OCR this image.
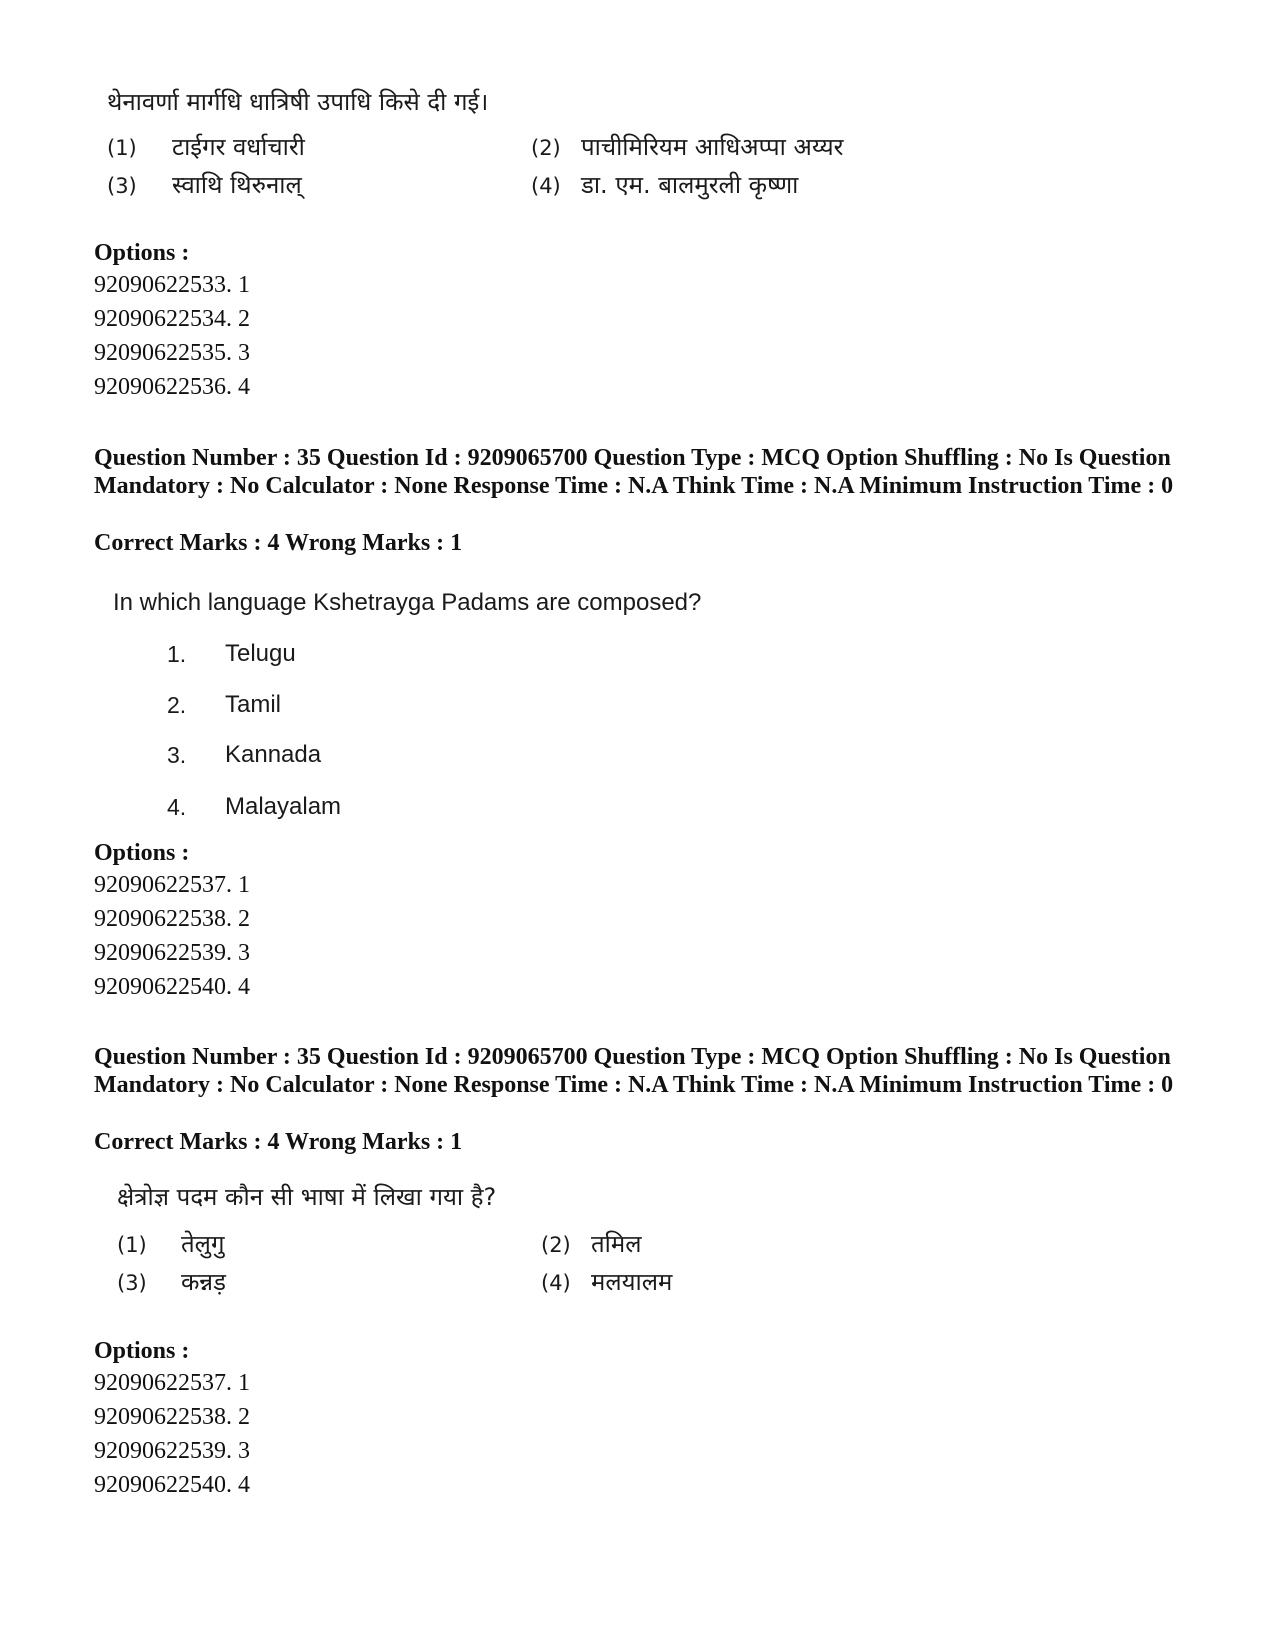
थेनावर्णा मार्गधि धात्रिषी उपाधि किसे दी गई।
(1) टाईगर वर्धाचारी	(2) पाचीमिरियम आधिअप्पा अय्यर
(3) स्वाथि थिरुनाल्	(4) डा. एम. बालमुरली कृष्णा
Options :
92090622533. 1
92090622534. 2
92090622535. 3
92090622536. 4
Question Number : 35 Question Id : 9209065700 Question Type : MCQ Option Shuffling : No Is Question Mandatory : No Calculator : None Response Time : N.A Think Time : N.A Minimum Instruction Time : 0
Correct Marks : 4 Wrong Marks : 1
In which language Kshetrayga Padams are composed?
1. Telugu
2. Tamil
3. Kannada
4. Malayalam
Options :
92090622537. 1
92090622538. 2
92090622539. 3
92090622540. 4
Question Number : 35 Question Id : 9209065700 Question Type : MCQ Option Shuffling : No Is Question Mandatory : No Calculator : None Response Time : N.A Think Time : N.A Minimum Instruction Time : 0
Correct Marks : 4 Wrong Marks : 1
क्षेत्रोज्ञ पदम कौन सी भाषा में लिखा गया है?
(1) तेलुगु	(2) तमिल
(3) कन्नड़	(4) मलयालम
Options :
92090622537. 1
92090622538. 2
92090622539. 3
92090622540. 4
